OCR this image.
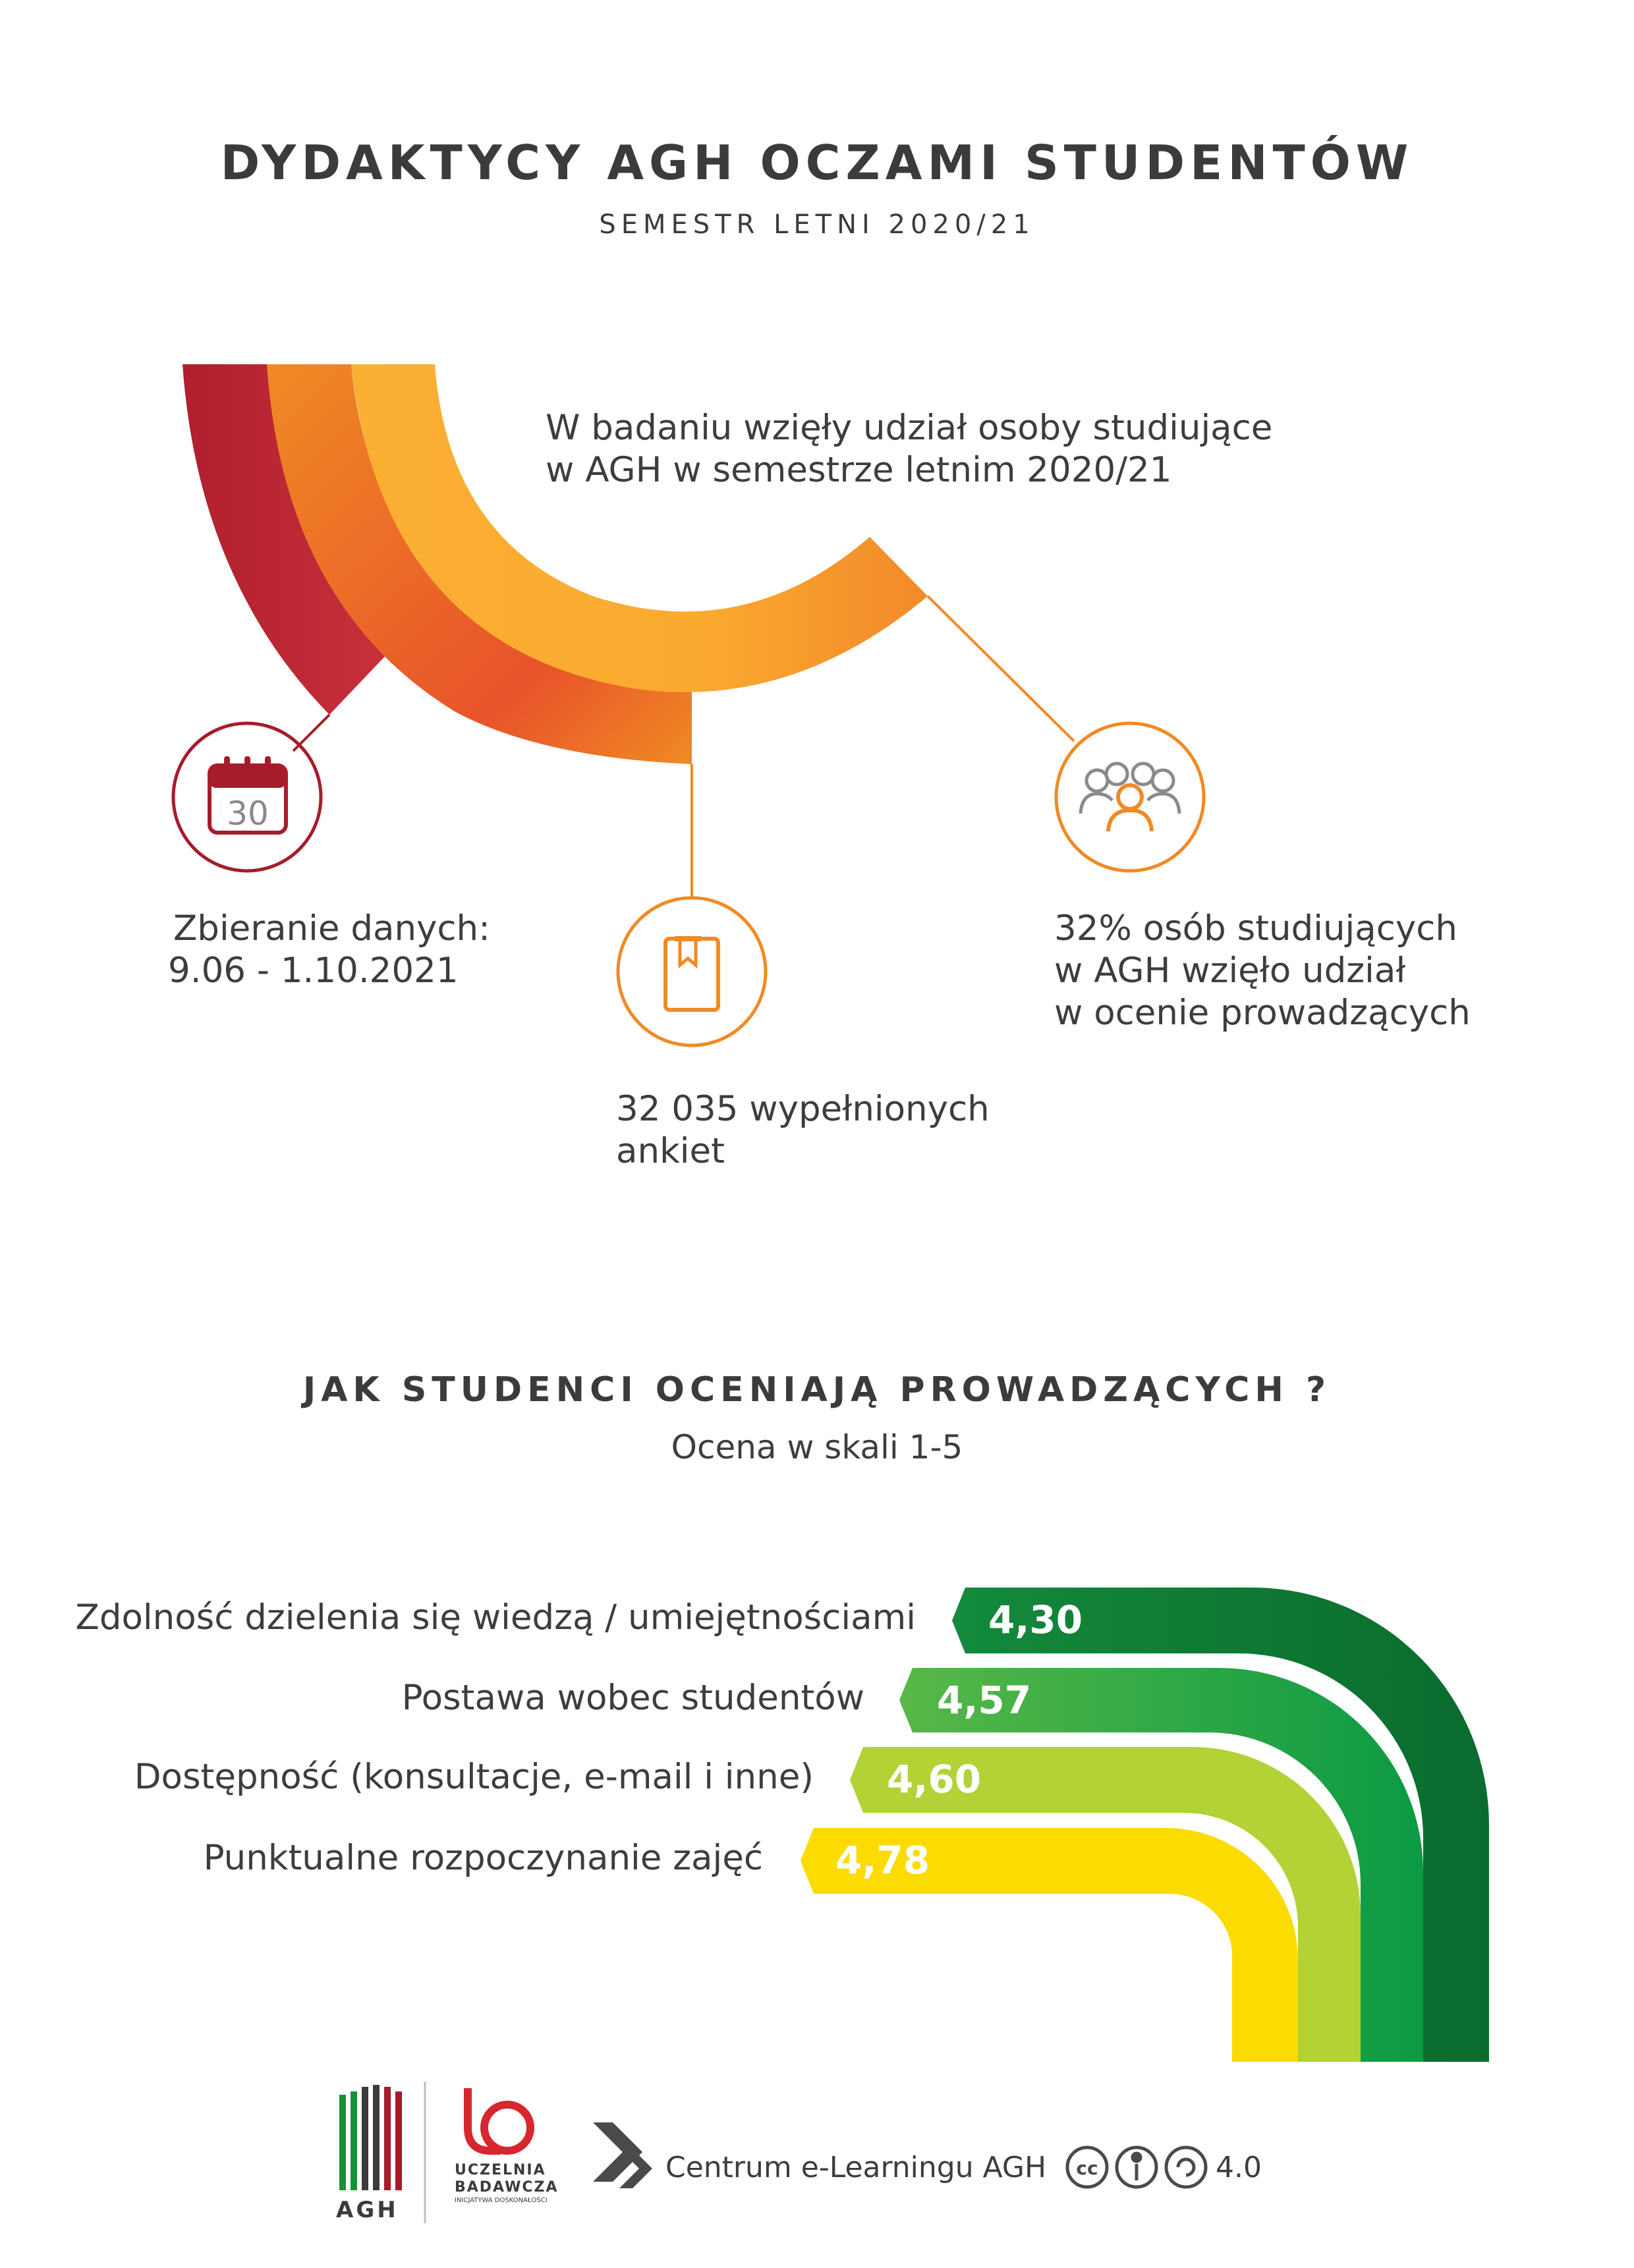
DYDAKTYCY AGH OCZAMI STUDENTÓW
SEMESTR LETNI 2020/21
30
cc
W badaniu wzięły udział osoby studiujące
w AGH w semestrze letnim 2020/21
Zbieranie danych:
9.06 - 1.10.2021
32 035 wypełnionych
ankiet
32% osób studiujących
w AGH wzięło udział
w ocenie prowadzących
JAK STUDENCI OCENIAJĄ PROWADZĄCYCH ?
Ocena w skali 1-5
Zdolność dzielenia się wiedzą / umiejętnościami
Postawa wobec studentów
Dostępność (konsultacje, e-mail i inne)
Punktualne rozpoczynanie zajęć
4,30
4,57
4,60
4,78
AGH
UCZELNIA
BADAWCZA
INICJATYWA DOSKONAŁOŚCI
Centrum e-Learningu AGH	4.0
